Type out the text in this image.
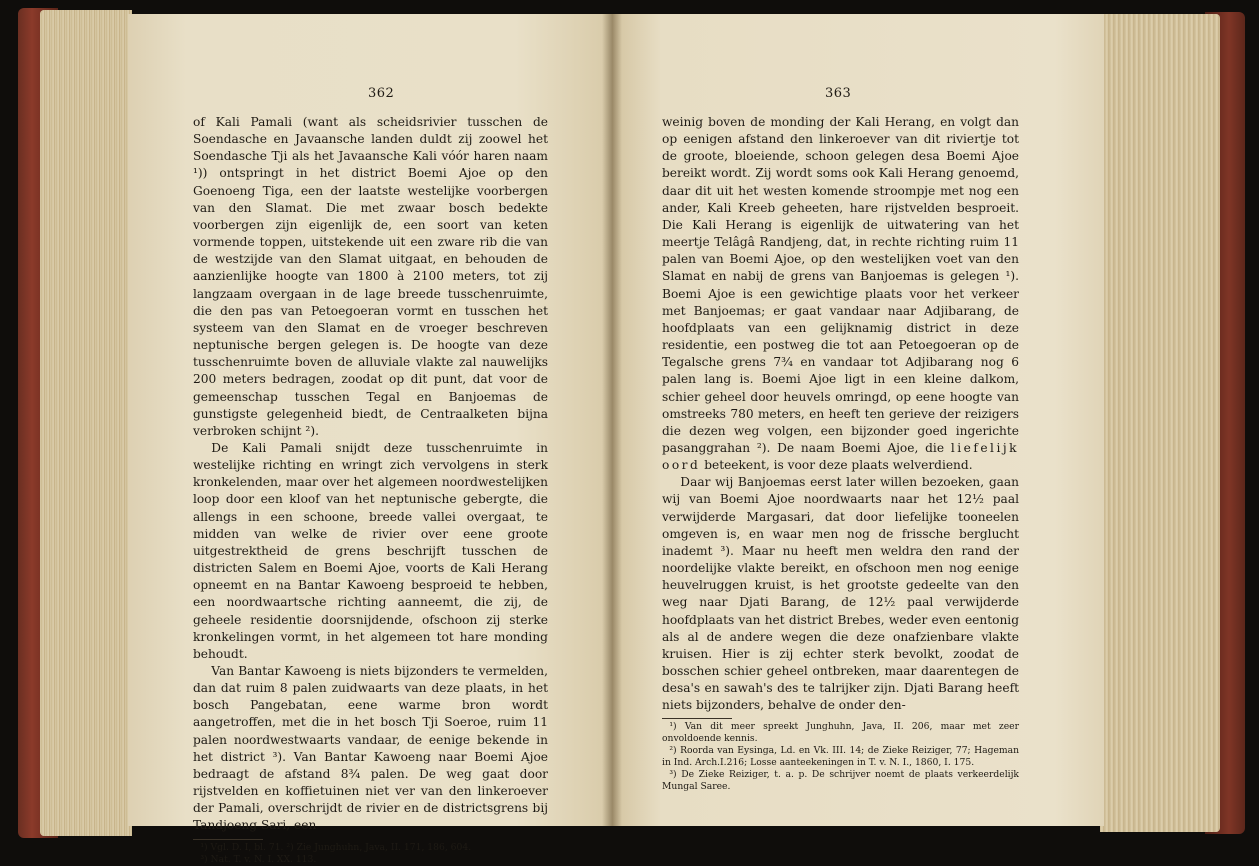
362

of Kali Pamali (want als scheidsrivier tusschen de Soendasche en Javaansche landen duldt zij zoowel het Soendasche Tji als het Javaansche Kali vóór haren naam ¹)) ontspringt in het district Boemi Ajoe op den Goenoeng Tiga, een der laatste westelijke voorbergen van den Slamat. Die met zwaar bosch bedekte voorbergen zijn eigenlijk de, een soort van keten vormende toppen, uitstekende uit een zware rib die van de westzijde van den Slamat uitgaat, en behouden de aanzienlijke hoogte van 1800 à 2100 meters, tot zij langzaam overgaan in de lage breede tusschenruimte, die den pas van Petoegoeran vormt en tusschen het systeem van den Slamat en de vroeger beschreven neptunische bergen gelegen is. De hoogte van deze tusschenruimte boven de alluviale vlakte zal nauwelijks 200 meters bedragen, zoodat op dit punt, dat voor de gemeenschap tusschen Tegal en Banjoemas de gunstigste gelegenheid biedt, de Centraalketen bijna verbroken schijnt ²).

De Kali Pamali snijdt deze tusschenruimte in westelijke richting en wringt zich vervolgens in sterk kronkelenden, maar over het algemeen noordwestelijken loop door een kloof van het neptunische gebergte, die allengs in een schoone, breede vallei overgaat, te midden van welke de rivier over eene groote uitgestrektheid de grens beschrijft tusschen de districten Salem en Boemi Ajoe, voorts de Kali Herang opneemt en na Bantar Kawoeng besproeid te hebben, een noordwaartsche richting aanneemt, die zij, de geheele residentie doorsnijdende, ofschoon zij sterke kronkelingen vormt, in het algemeen tot hare monding behoudt.

Van Bantar Kawoeng is niets bijzonders te vermelden, dan dat ruim 8 palen zuidwaarts van deze plaats, in het bosch Pangebatan, eene warme bron wordt aangetroffen, met die in het bosch Tji Soeroe, ruim 11 palen noordwestwaarts vandaar, de eenige bekende in het district ³). Van Bantar Kawoeng naar Boemi Ajoe bedraagt de afstand 8¾ palen. De weg gaat door rijstvelden en koffietuinen niet ver van den linkeroever der Pamali, overschrijdt de rivier en de districtsgrens bij Tandjoeng Sari, een

¹) Vgl. D. I, bl. 71. ²) Zie Junghuhn, Java, II. 171, 186, 604.

³) Nat. T. v. N. I. XX. 113.

363

weinig boven de monding der Kali Herang, en volgt dan op eenigen afstand den linkeroever van dit riviertje tot de groote, bloeiende, schoon gelegen desa Boemi Ajoe bereikt wordt. Zij wordt soms ook Kali Herang genoemd, daar dit uit het westen komende stroompje met nog een ander, Kali Kreeb geheeten, hare rijstvelden besproeit. Die Kali Herang is eigenlijk de uitwatering van het meertje Telâgâ Randjeng, dat, in rechte richting ruim 11 palen van Boemi Ajoe, op den westelijken voet van den Slamat en nabij de grens van Banjoemas is gelegen ¹). Boemi Ajoe is een gewichtige plaats voor het verkeer met Banjoemas; er gaat vandaar naar Adjibarang, de hoofdplaats van een gelijknamig district in deze residentie, een postweg die tot aan Petoegoeran op de Tegalsche grens 7¾ en vandaar tot Adjibarang nog 6 palen lang is. Boemi Ajoe ligt in een kleine dalkom, schier geheel door heuvels omringd, op eene hoogte van omstreeks 780 meters, en heeft ten gerieve der reizigers die dezen weg volgen, een bijzonder goed ingerichte pasanggrahan ²). De naam Boemi Ajoe, die liefelijk oord beteekent, is voor deze plaats welverdiend.

Daar wij Banjoemas eerst later willen bezoeken, gaan wij van Boemi Ajoe noordwaarts naar het 12½ paal verwijderde Margasari, dat door liefelijke tooneelen omgeven is, en waar men nog de frissche berglucht inademt ³). Maar nu heeft men weldra den rand der noordelijke vlakte bereikt, en ofschoon men nog eenige heuvelruggen kruist, is het grootste gedeelte van den weg naar Djati Barang, de 12½ paal verwijderde hoofdplaats van het district Brebes, weder even eentonig als al de andere wegen die deze onafzienbare vlakte kruisen. Hier is zij echter sterk bevolkt, zoodat de bosschen schier geheel ontbreken, maar daarentegen de desa's en sawah's des te talrijker zijn. Djati Barang heeft niets bijzonders, behalve de onder den-

¹) Van dit meer spreekt Junghuhn, Java, II. 206, maar met zeer onvoldoende kennis.

²) Roorda van Eysinga, Ld. en Vk. III. 14; de Zieke Reiziger, 77; Hageman in Ind. Arch.I.216; Losse aanteekeningen in T. v. N. I., 1860, I. 175.

³) De Zieke Reiziger, t. a. p. De schrijver noemt de plaats verkeerdelijk Mungal Saree.
